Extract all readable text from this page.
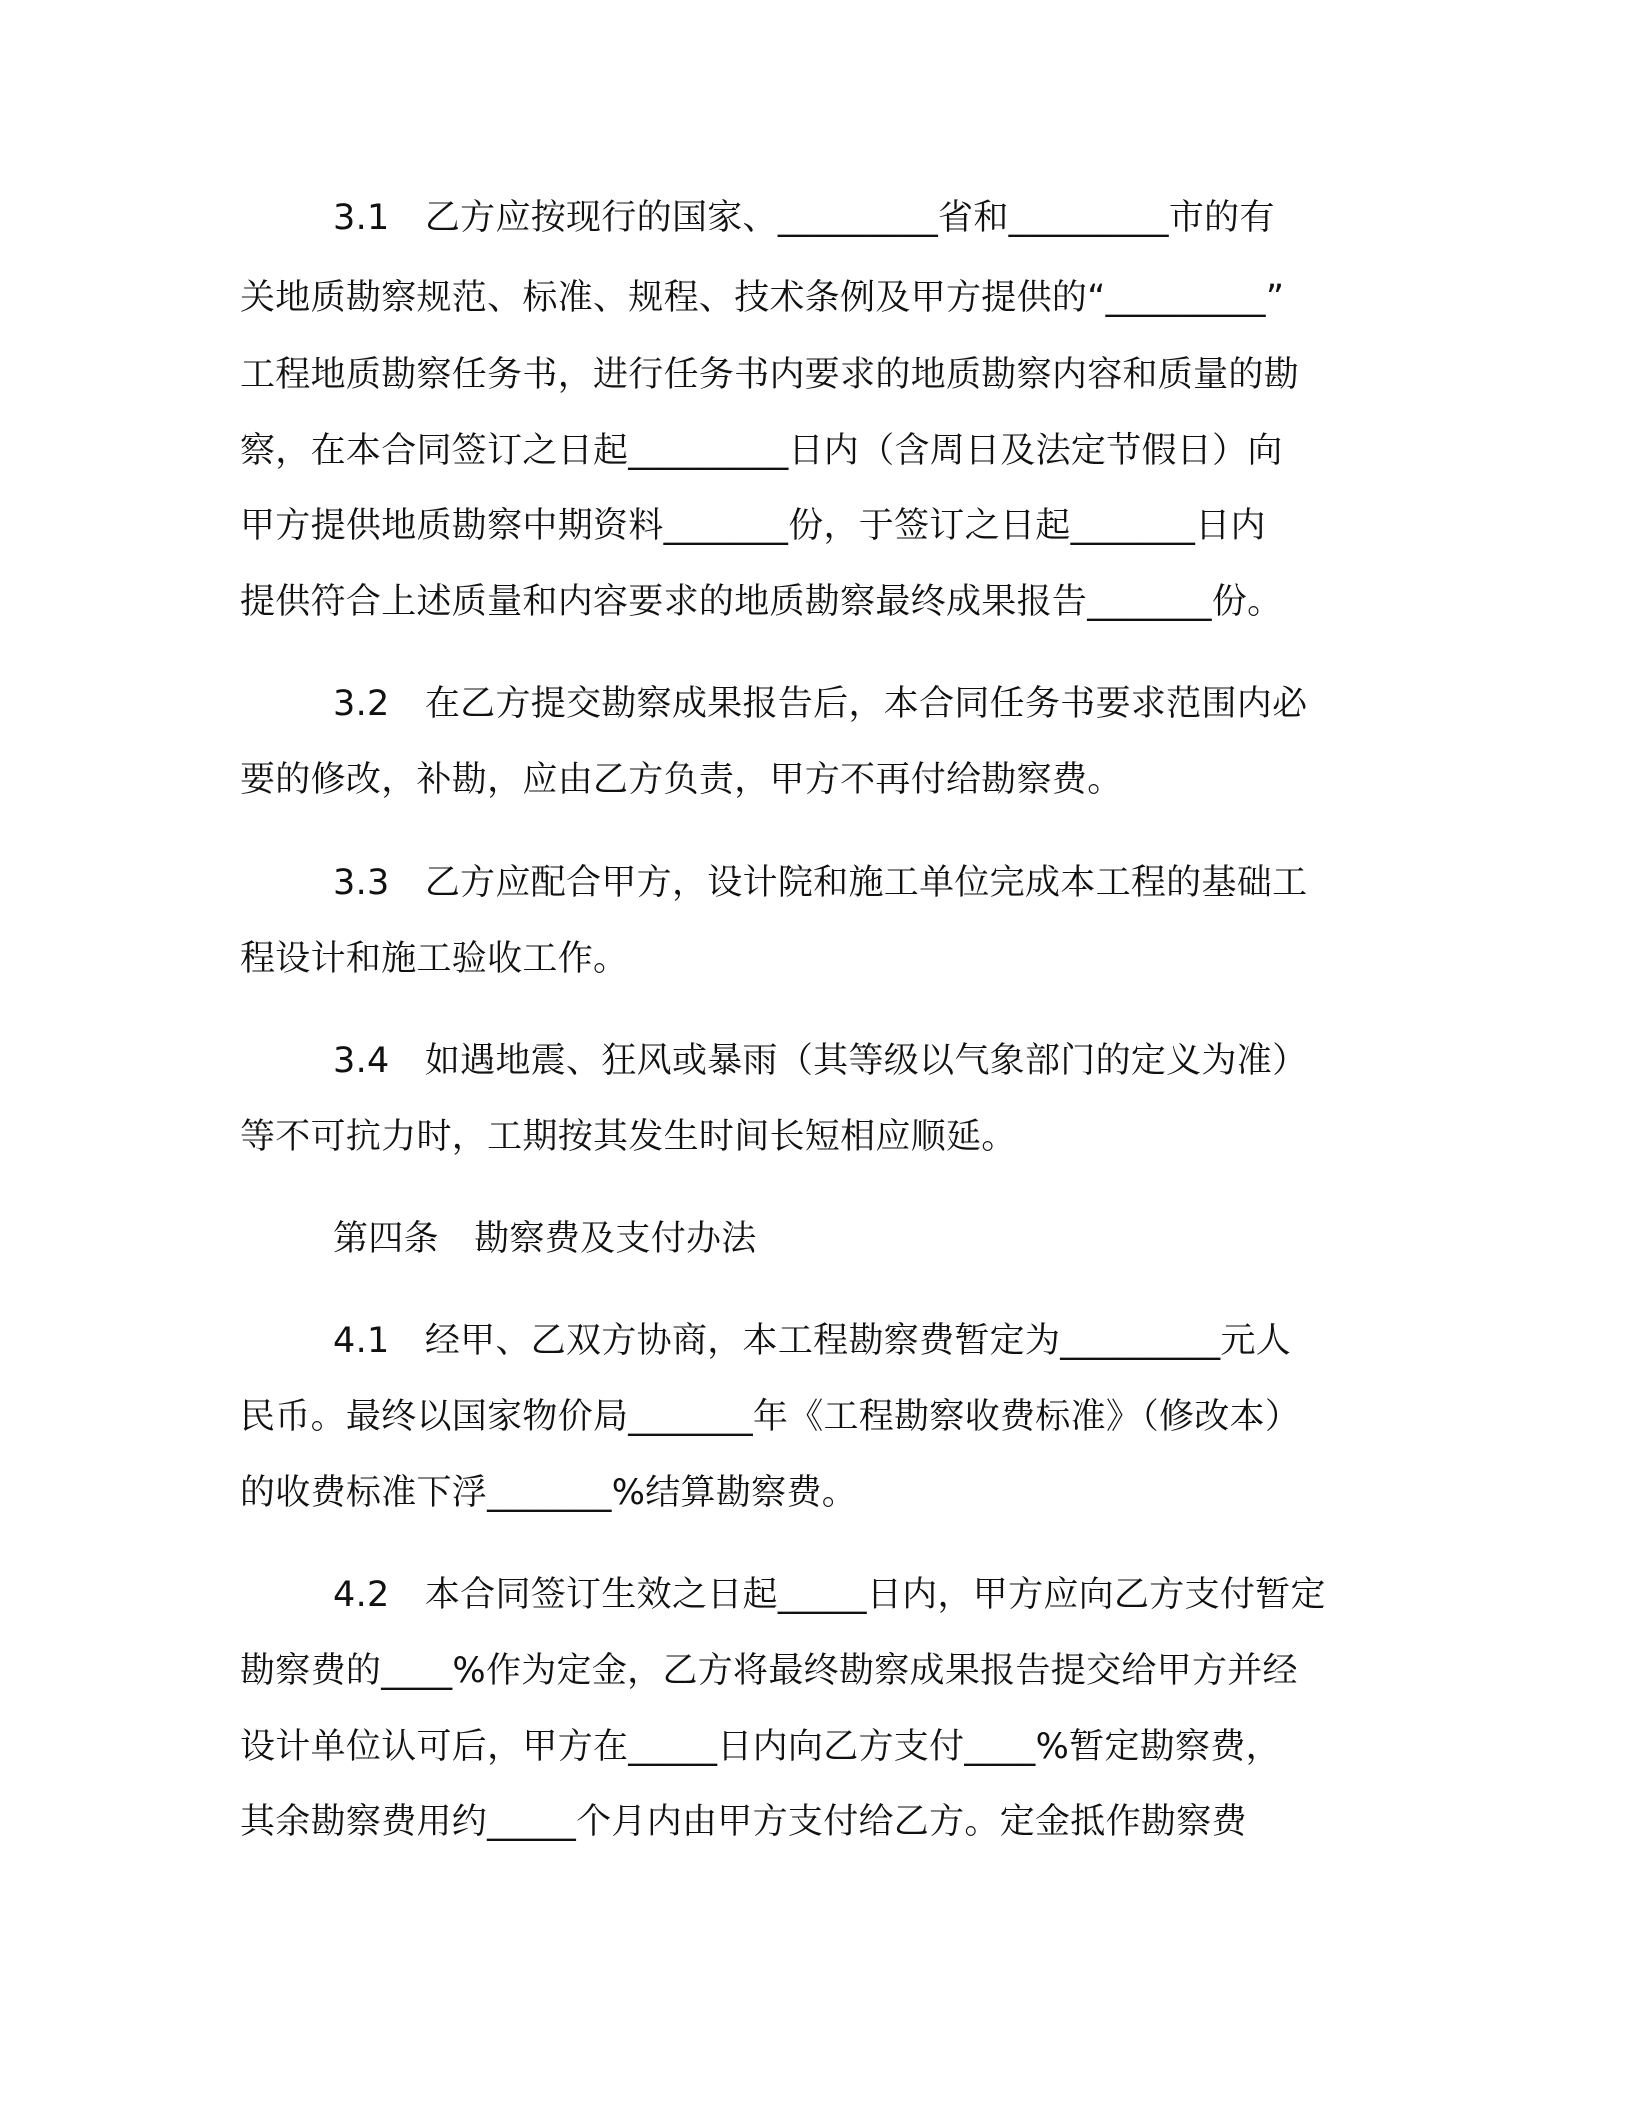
3.1　乙方应按现行的国家、_________省和_________市的有
关地质勘察规范、标准、规程、技术条例及甲方提供的“_________”
工程地质勘察任务书，进行任务书内要求的地质勘察内容和质量的勘
察，在本合同签订之日起_________日内（含周日及法定节假日）向
甲方提供地质勘察中期资料_______份，于签订之日起_______日内
提供符合上述质量和内容要求的地质勘察最终成果报告_______份。
3.2　在乙方提交勘察成果报告后，本合同任务书要求范围内必
要的修改，补勘，应由乙方负责，甲方不再付给勘察费。
3.3　乙方应配合甲方，设计院和施工单位完成本工程的基础工
程设计和施工验收工作。
3.4　如遇地震、狂风或暴雨（其等级以气象部门的定义为准）
等不可抗力时，工期按其发生时间长短相应顺延。
第四条　勘察费及支付办法
4.1　经甲、乙双方协商，本工程勘察费暂定为_________元人
民币。最终以国家物价局_______年《工程勘察收费标准》（修改本）
的收费标准下浮_______%结算勘察费。
4.2　本合同签订生效之日起_____日内，甲方应向乙方支付暂定
勘察费的____%作为定金，乙方将最终勘察成果报告提交给甲方并经
设计单位认可后，甲方在_____日内向乙方支付____%暂定勘察费，
其余勘察费用约_____个月内由甲方支付给乙方。定金抵作勘察费
